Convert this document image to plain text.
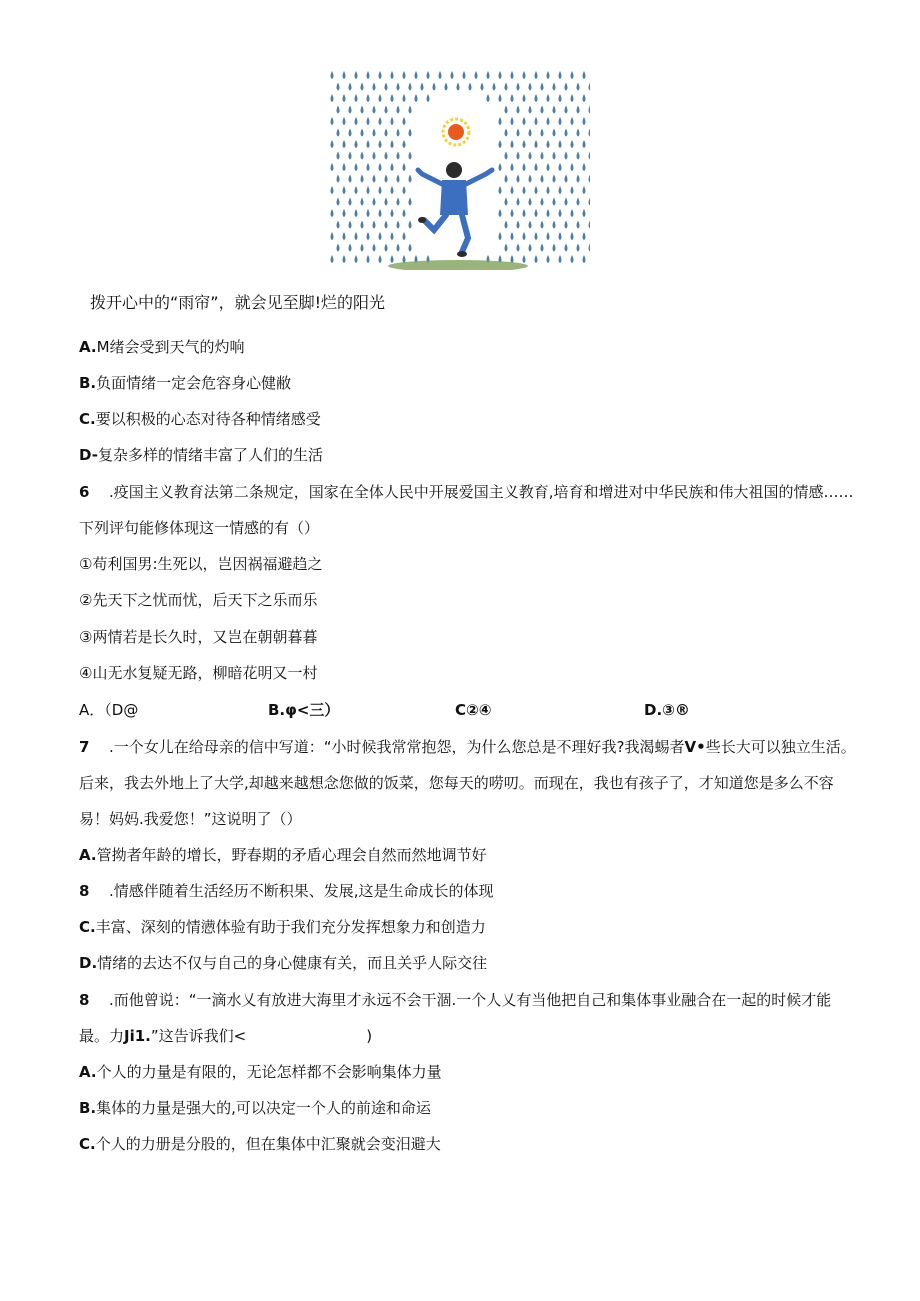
拨开心中的“雨帘”，就会见至脚!烂的阳光
A.M绪会受到天气的灼响
B.负面情绪一定会危容身心健敝
C.要以积极的心态对待各种情绪感受
D-复杂多样的情绪丰富了人们的生活
6 .疫国主义教育法第二条规定，国家在全体人民中开展爱国主义教育,培育和增进对中华民族和伟大祖国的情感……
下列评句能修体现这一情感的有（）
①苟利国男:生死以，岂因祸福避趋之
②先天下之忧而忧，后天下之乐而乐
③两情若是长久时，又岂在朝朝暮暮
④山无水复疑无路，柳暗花明又一村
A．（D@	B.φ<三）	C②④	D.③®
7 .一个女儿在给母亲的信中写道：“小时候我常常抱怨，为什么您总是不理好我?我渴蜴者V•些长大可以独立生活。
后来，我去外地上了大学,却越来越想念您做的饭菜，您每天的唠叨。而现在，我也有孩子了，才知道您是多么不容
易！妈妈.我爱您！”这说明了（）
A.管拗者年龄的增长，野春期的矛盾心理会自然而然地调节好
8 .情感伴随着生活经历不断积果、发展,这是生命成长的体现
C.丰富、深刻的情懑体验有助于我们充分发挥想象力和创造力
D.情绪的去达不仅与自己的身心健康有关，而且关乎人际交往
8 .而他曾说：“一滴水乂有放进大海里才永远不会干涸.一个人乂有当他把自己和集体事业融合在一起的时候才能
最。力Ji1.”这告诉我们<	)
A.个人的力量是有限的，无论怎样都不会影响集体力量
B.集体的力量是强大的,可以决定一个人的前途和命运
C.个人的力册是分股的，但在集体中汇聚就会变汨避大
